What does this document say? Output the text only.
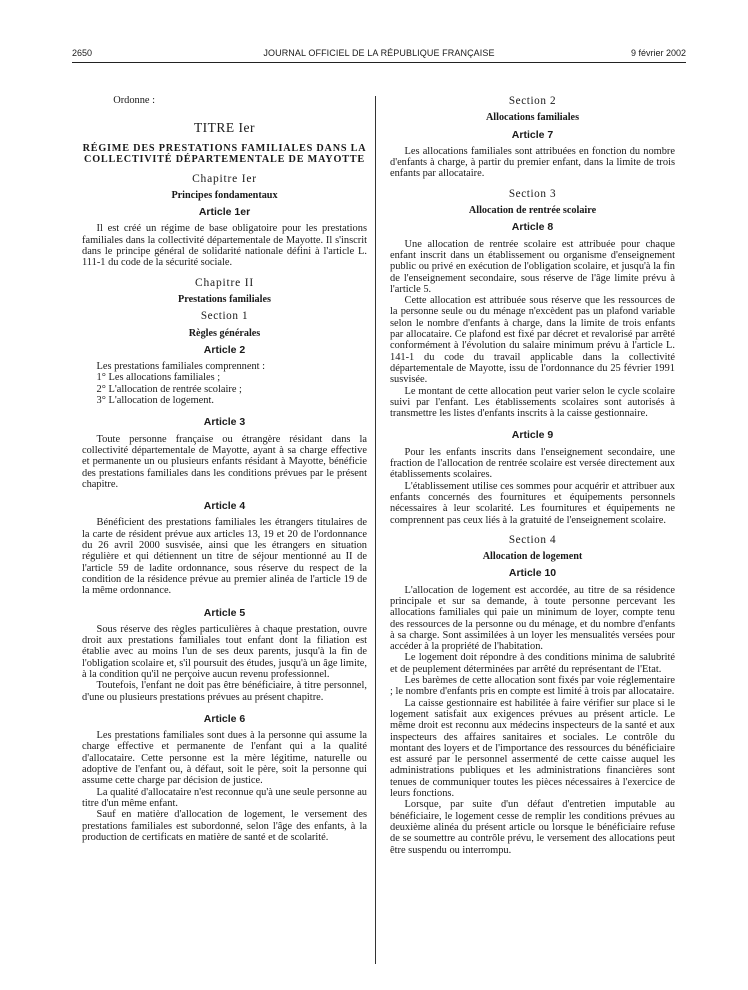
2650	JOURNAL OFFICIEL DE LA RÉPUBLIQUE FRANÇAISE	9 février 2002

Ordonne :

TITRE Ier
RÉGIME DES PRESTATIONS FAMILIALES DANS LA COLLECTIVITÉ DÉPARTEMENTALE DE MAYOTTE
Chapitre Ier
Principes fondamentaux
Article 1er

Il est créé un régime de base obligatoire pour les prestations familiales dans la collectivité départementale de Mayotte. Il s'inscrit dans le principe général de solidarité nationale défini à l'article L. 111-1 du code de la sécurité sociale.

Chapitre II
Prestations familiales
Section 1
Règles générales
Article 2

Les prestations familiales comprennent :

1° Les allocations familiales ;

2° L'allocation de rentrée scolaire ;

3° L'allocation de logement.

Article 3

Toute personne française ou étrangère résidant dans la collectivité départementale de Mayotte, ayant à sa charge effective et permanente un ou plusieurs enfants résidant à Mayotte, bénéficie des prestations familiales dans les conditions prévues par le présent chapitre.

Article 4

Bénéficient des prestations familiales les étrangers titulaires de la carte de résident prévue aux articles 13, 19 et 20 de l'ordonnance du 26 avril 2000 susvisée, ainsi que les étrangers en situation régulière et qui détiennent un titre de séjour mentionné au II de l'article 59 de ladite ordonnance, sous réserve du respect de la condition de la résidence prévue au premier alinéa de l'article 19 de la même ordonnance.

Article 5

Sous réserve des règles particulières à chaque prestation, ouvre droit aux prestations familiales tout enfant dont la filiation est établie avec au moins l'un de ses deux parents, jusqu'à la fin de l'obligation scolaire et, s'il poursuit des études, jusqu'à un âge limite, à la condition qu'il ne perçoive aucun revenu professionnel.

Toutefois, l'enfant ne doit pas être bénéficiaire, à titre personnel, d'une ou plusieurs prestations prévues au présent chapitre.

Article 6

Les prestations familiales sont dues à la personne qui assume la charge effective et permanente de l'enfant qui a la qualité d'allocataire. Cette personne est la mère légitime, naturelle ou adoptive de l'enfant ou, à défaut, soit le père, soit la personne qui assume cette charge par décision de justice.

La qualité d'allocataire n'est reconnue qu'à une seule personne au titre d'un même enfant.

Sauf en matière d'allocation de logement, le versement des prestations familiales est subordonné, selon l'âge des enfants, à la production de certificats en matière de santé et de scolarité.

Section 2
Allocations familiales
Article 7

Les allocations familiales sont attribuées en fonction du nombre d'enfants à charge, à partir du premier enfant, dans la limite de trois enfants par allocataire.

Section 3
Allocation de rentrée scolaire
Article 8

Une allocation de rentrée scolaire est attribuée pour chaque enfant inscrit dans un établissement ou organisme d'enseignement public ou privé en exécution de l'obligation scolaire, et jusqu'à la fin de l'enseignement secondaire, sous réserve de l'âge limite prévu à l'article 5.

Cette allocation est attribuée sous réserve que les ressources de la personne seule ou du ménage n'excèdent pas un plafond variable selon le nombre d'enfants à charge, dans la limite de trois enfants par allocataire. Ce plafond est fixé par décret et revalorisé par arrêté conformément à l'évolution du salaire minimum prévu à l'article L. 141-1 du code du travail applicable dans la collectivité départementale de Mayotte, issu de l'ordonnance du 25 février 1991 susvisée.

Le montant de cette allocation peut varier selon le cycle scolaire suivi par l'enfant. Les établissements scolaires sont autorisés à transmettre les listes d'enfants inscrits à la caisse gestionnaire.

Article 9

Pour les enfants inscrits dans l'enseignement secondaire, une fraction de l'allocation de rentrée scolaire est versée directement aux établissements scolaires.

L'établissement utilise ces sommes pour acquérir et attribuer aux enfants concernés des fournitures et équipements personnels nécessaires à leur scolarité. Les fournitures et équipements ne comprennent pas ceux liés à la gratuité de l'enseignement scolaire.

Section 4
Allocation de logement
Article 10

L'allocation de logement est accordée, au titre de sa résidence principale et sur sa demande, à toute personne percevant les allocations familiales qui paie un minimum de loyer, compte tenu des ressources de la personne ou du ménage, et du nombre d'enfants à sa charge. Sont assimilées à un loyer les mensualités versées pour accéder à la propriété de l'habitation.

Le logement doit répondre à des conditions minima de salubrité et de peuplement déterminées par arrêté du représentant de l'Etat.

Les barèmes de cette allocation sont fixés par voie réglementaire ; le nombre d'enfants pris en compte est limité à trois par allocataire.

La caisse gestionnaire est habilitée à faire vérifier sur place si le logement satisfait aux exigences prévues au présent article. Le même droit est reconnu aux médecins inspecteurs de la santé et aux inspecteurs des affaires sanitaires et sociales. Le contrôle du montant des loyers et de l'importance des ressources du bénéficiaire est assuré par le personnel assermenté de cette caisse auquel les administrations publiques et les administrations financières sont tenues de communiquer toutes les pièces nécessaires à l'exercice de leurs fonctions.

Lorsque, par suite d'un défaut d'entretien imputable au bénéficiaire, le logement cesse de remplir les conditions prévues au deuxième alinéa du présent article ou lorsque le bénéficiaire refuse de se soumettre au contrôle prévu, le versement des allocations peut être suspendu ou interrompu.
